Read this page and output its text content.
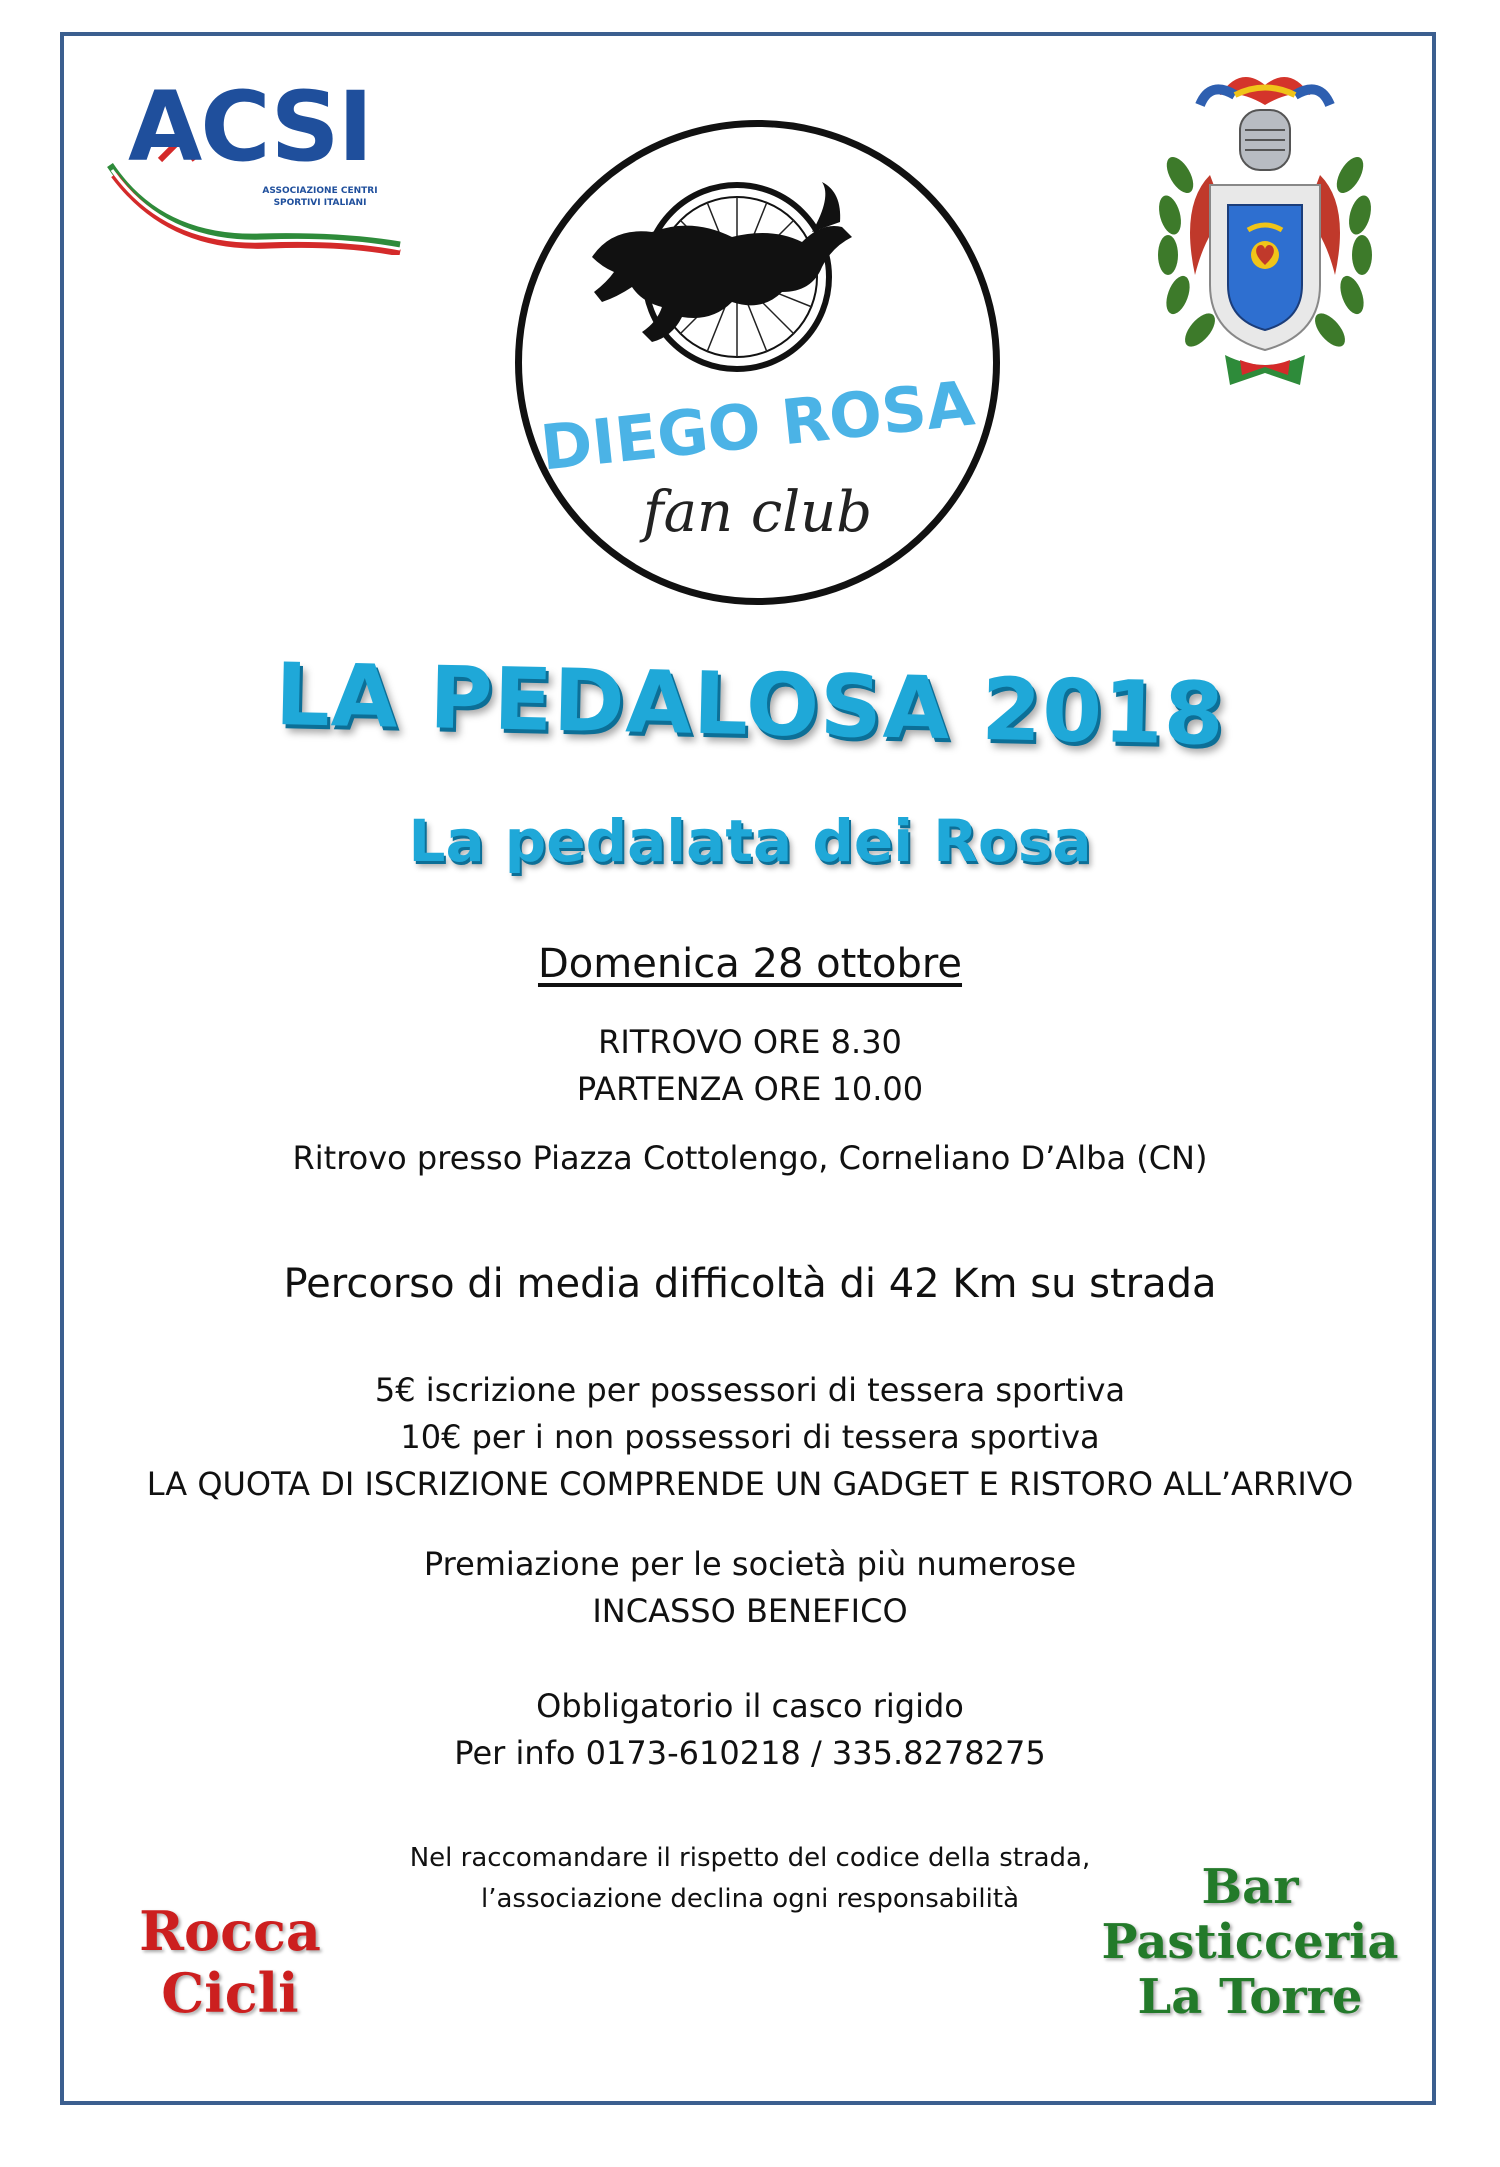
ACSI
ASSOCIAZIONE CENTRI
SPORTIVI ITALIANI
DIEGO ROSA
fan club
LA PEDALOSA 2018
La pedalata dei Rosa
Domenica 28 ottobre
RITROVO ORE 8.30
PARTENZA ORE 10.00
Ritrovo presso Piazza Cottolengo, Corneliano D’Alba (CN)
Percorso di media difficoltà di 42 Km su strada
5€ iscrizione per possessori di tessera sportiva
10€ per i non possessori di tessera sportiva
LA QUOTA DI ISCRIZIONE COMPRENDE UN GADGET E RISTORO ALL’ARRIVO
Premiazione per le società più numerose
INCASSO BENEFICO
Obbligatorio il casco rigido
Per info 0173-610218 / 335.8278275
Nel raccomandare il rispetto del codice della strada,
l’associazione declina ogni responsabilità
Rocca
Cicli
Bar
Pasticceria
La Torre
